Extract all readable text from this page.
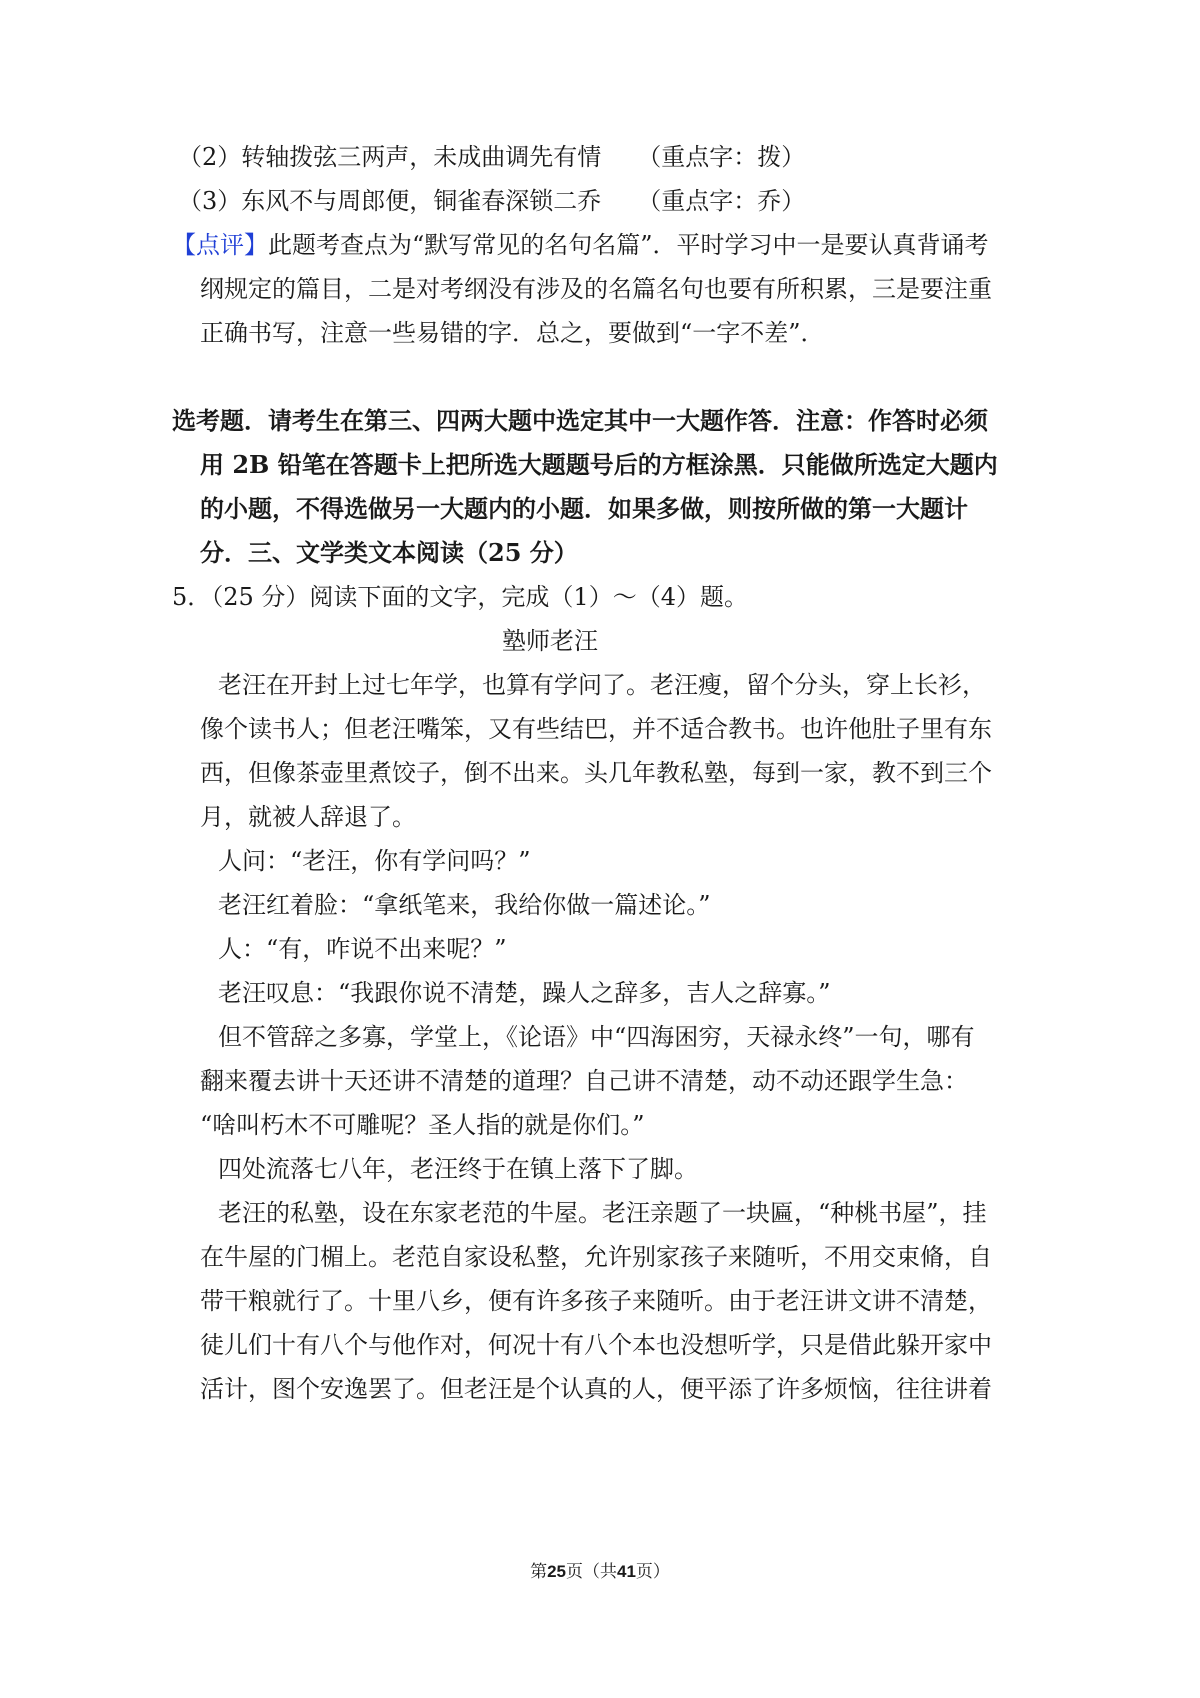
（2）转轴拨弦三两声，未成曲调先有情　　（重点字：拨）
（3）东风不与周郎便，铜雀春深锁二乔　　（重点字：乔）
【点评】此题考查点为“默写常见的名句名篇”．平时学习中一是要认真背诵考
纲规定的篇目，二是对考纲没有涉及的名篇名句也要有所积累，三是要注重
正确书写，注意一些易错的字．总之，要做到“一字不差”．
选考题．请考生在第三、四两大题中选定其中一大题作答．注意：作答时必须
用 2B 铅笔在答题卡上把所选大题题号后的方框涂黑．只能做所选定大题内
的小题，不得选做另一大题内的小题．如果多做，则按所做的第一大题计
分．三、文学类文本阅读（25 分）
5．（25 分）阅读下面的文字，完成（1）～（4）题。
塾师老汪
老汪在开封上过七年学，也算有学问了。老汪瘦，留个分头，穿上长衫，
像个读书人；但老汪嘴笨，又有些结巴，并不适合教书。也许他肚子里有东
西，但像茶壶里煮饺子，倒不出来。头几年教私塾，每到一家，教不到三个
月，就被人辞退了。
人问：“老汪，你有学问吗？”
老汪红着脸：“拿纸笔来，我给你做一篇述论。”
人：“有，咋说不出来呢？”
老汪叹息：“我跟你说不清楚，躁人之辞多，吉人之辞寡。”
但不管辞之多寡，学堂上，《论语》中“四海困穷，天禄永终”一句，哪有
翻来覆去讲十天还讲不清楚的道理？自己讲不清楚，动不动还跟学生急：
“啥叫朽木不可雕呢？圣人指的就是你们。”
四处流落七八年，老汪终于在镇上落下了脚。
老汪的私塾，设在东家老范的牛屋。老汪亲题了一块匾，“种桃书屋”，挂
在牛屋的门楣上。老范自家设私整，允许别家孩子来随听，不用交束脩，自
带干粮就行了。十里八乡，便有许多孩子来随听。由于老汪讲文讲不清楚，
徒儿们十有八个与他作对，何况十有八个本也没想听学，只是借此躲开家中
活计，图个安逸罢了。但老汪是个认真的人，便平添了许多烦恼，往往讲着
第25页（共41页）
